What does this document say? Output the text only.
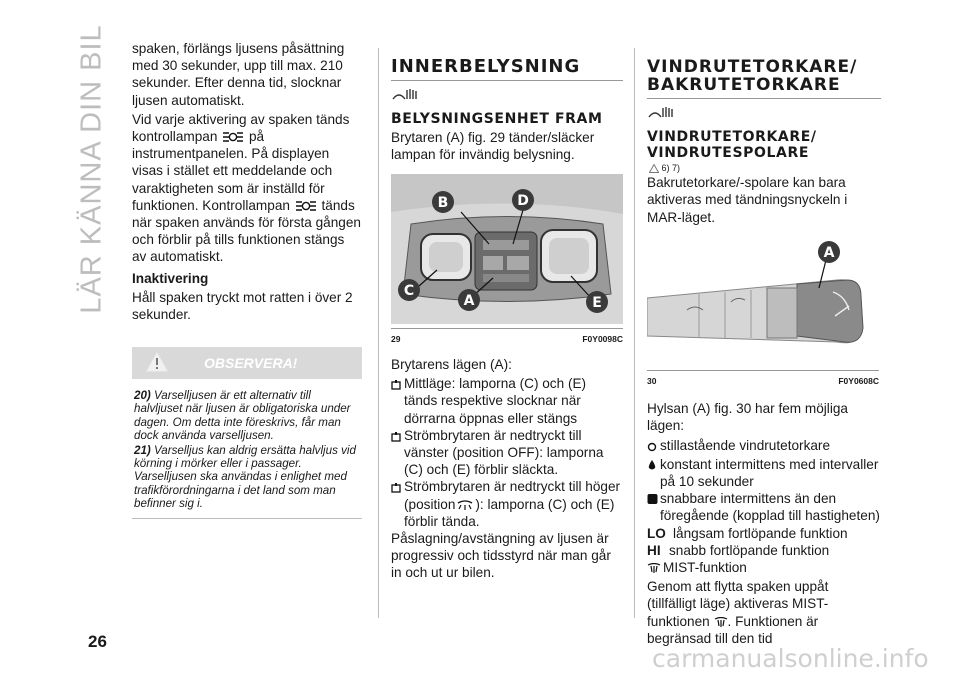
LÄR KÄNNA DIN BIL spaken, förlängs ljusens påsättning med 30 sekunder, upp till max. 210 sekunder. Efter denna tid, slocknar ljusen automatiskt.

Vid varje aktivering av spaken tänds kontrollampan på instrumentpanelen. På displayen visas i stället ett meddelande och varaktigheten som är inställd för funktionen. Kontrollampan tänds när spaken används för första gången och förblir på tills funktionen stängs av automatiskt.

Inaktivering

Håll spaken tryckt mot ratten i över 2 sekunder.

OBSERVERA!

20) Varselljusen är ett alternativ till halvljuset när ljusen är obligatoriska under dagen. Om detta inte föreskrivs, får man dock använda varselljusen.

21) Varselljus kan aldrig ersätta halvljus vid körning i mörker eller i passager. Varselljusen ska användas i enlighet med trafikförordningarna i det land som man befinner sig i.

INNERBELYSNING
BELYSNINGSENHET FRAM

Brytaren (A) fig. 29 tänder/släcker lampan för invändig belysning.

B	D
C
A	E
29	F0Y0098C

Brytarens lägen (A):

Mittläge: lamporna (C) och (E) tänds respektive slocknar när dörrarna öppnas eller stängs
Strömbrytaren är nedtryckt till vänster (position OFF): lamporna (C) och (E) förblir släckta.
Strömbrytaren är nedtryckt till höger (position ): lamporna (C) och (E) förblir tända.

Påslagning/avstängning av ljusen är progressiv och tidsstyrd när man går in och ut ur bilen.

VINDRUTETORKARE/ BAKRUTETORKARE
VINDRUTETORKARE/ VINDRUTESPOLARE
6) 7)

Bakrutetorkare/-spolare kan bara aktiveras med tändningsnyckeln i MAR-läget.

A
30	F0Y0608C

Hylsan (A) fig. 30 har fem möjliga lägen:

stillastående vindrutetorkare
konstant intermittens med intervaller på 10 sekunder
snabbare intermittens än den föregående (kopplad till hastigheten)
LO långsam fortlöpande funktion
HI snabb fortlöpande funktion
MIST-funktion

Genom att flytta spaken uppåt (tillfälligt läge) aktiveras MIST-funktionen . Funktionen är begränsad till den tid

26
carmanualsonline.info
